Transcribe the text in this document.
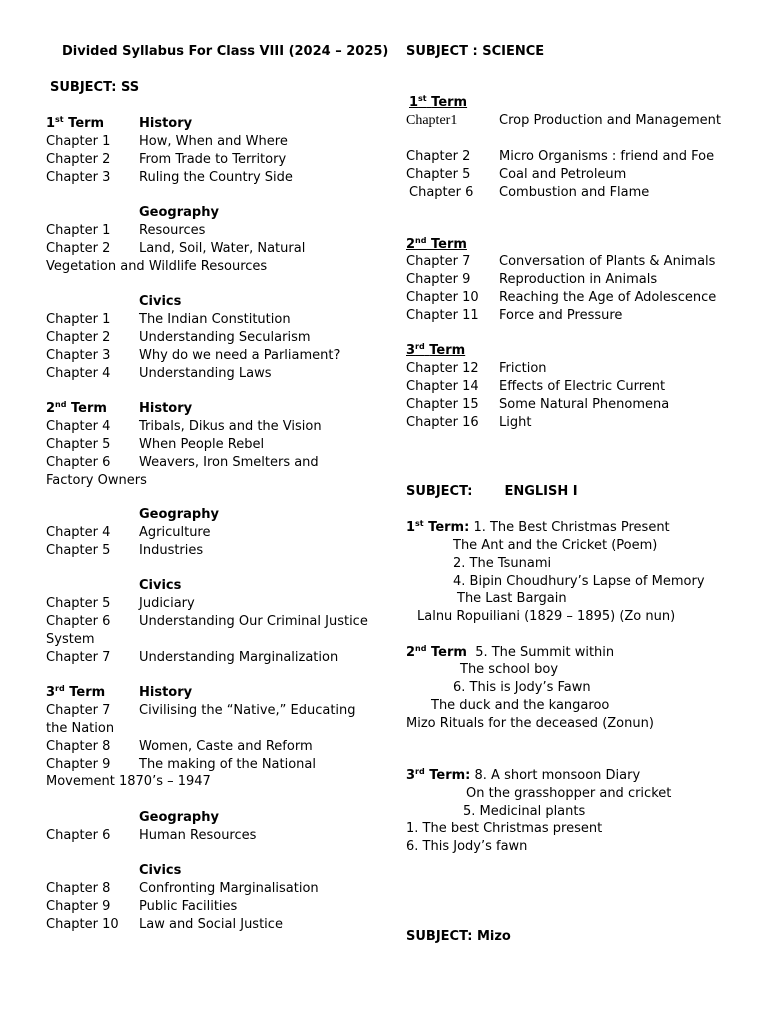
Divided Syllabus For Class VIII (2024 – 2025)
SUBJECT: SS
1st Term	History
Chapter 1 How, When and Where
Chapter 2 From Trade to Territory
Chapter 3 Ruling the Country Side
Geography
Chapter 1 Resources
Chapter 2 Land, Soil, Water, Natural
Vegetation and Wildlife Resources
Civics
Chapter 1 The Indian Constitution
Chapter 2 Understanding Secularism
Chapter 3 Why do we need a Parliament?
Chapter 4 Understanding Laws
2nd Term History
Chapter 4 Tribals, Dikus and the Vision
Chapter 5 When People Rebel
Chapter 6 Weavers, Iron Smelters and
Factory Owners
Geography
Chapter 4 Agriculture
Chapter 5 Industries
Civics
Chapter 5 Judiciary
Chapter 6 Understanding Our Criminal Justice
System
Chapter 7 Understanding Marginalization
3rd Term	History
Chapter 7 Civilising the “Native,” Educating
the Nation
Chapter 8 Women, Caste and Reform
Chapter 9 The making of the National
Movement 1870’s – 1947
Geography
Chapter 6 Human Resources
Civics
Chapter 8 Confronting Marginalisation
Chapter 9 Public Facilities
Chapter 10 Law and Social Justice
SUBJECT : SCIENCE
1st Term
Chapter1	Crop Production and Management
Chapter 2 Micro Organisms : friend and Foe
Chapter 5 Coal and Petroleum
Chapter 6 Combustion and Flame
2nd Term
Chapter 7 Conversation of Plants & Animals
Chapter 9 Reproduction in Animals
Chapter 10 Reaching the Age of Adolescence
Chapter 11 Force and Pressure
3rd Term
Chapter 12 Friction
Chapter 14 Effects of Electric Current
Chapter 15 Some Natural Phenomena
Chapter 16 Light
SUBJECT: ENGLISH I
1st Term: 1. The Best Christmas Present
The Ant and the Cricket (Poem)
2. The Tsunami
4. Bipin Choudhury’s Lapse of Memory
The Last Bargain
Lalnu Ropuiliani (1829 – 1895) (Zo nun)
2nd Term 5. The Summit within
The school boy
6. This is Jody’s Fawn
The duck and the kangaroo
Mizo Rituals for the deceased (Zonun)
3rd Term: 8. A short monsoon Diary
On the grasshopper and cricket
5. Medicinal plants
1. The best Christmas present
6. This Jody’s fawn
SUBJECT: Mizo
